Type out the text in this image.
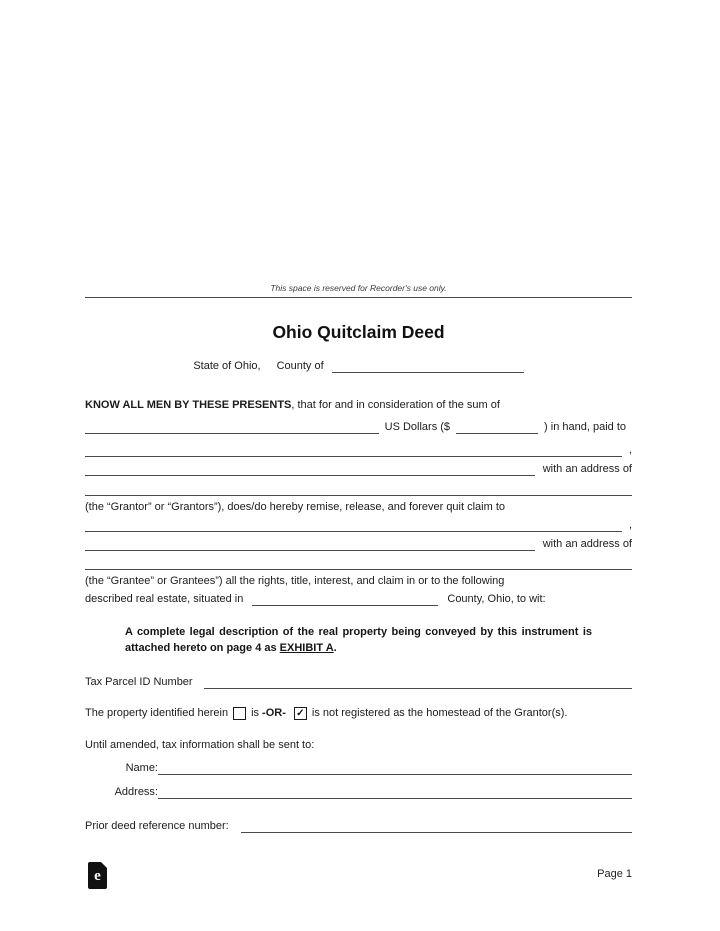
This space is reserved for Recorder's use only.
Ohio Quitclaim Deed
State of Ohio, County of
KNOW ALL MEN BY THESE PRESENTS, that for and in consideration of the sum of
US Dollars ($	) in hand, paid to
,
with an address of
(the “Grantor” or “Grantors”), does/do hereby remise, release, and forever quit claim to
,
with an address of
(the “Grantee” or Grantees”) all the rights, title, interest, and claim in or to the following
described real estate, situated in	County, Ohio, to wit:
A complete legal description of the real property being conveyed by this instrument is attached hereto on page 4 as EXHIBIT A.
Tax Parcel ID Number
The property identified herein is -OR- ✓ is not registered as the homestead of the Grantor(s).
Until amended, tax information shall be sent to:
Name:
Address:
Prior deed reference number:
e	Page 1
